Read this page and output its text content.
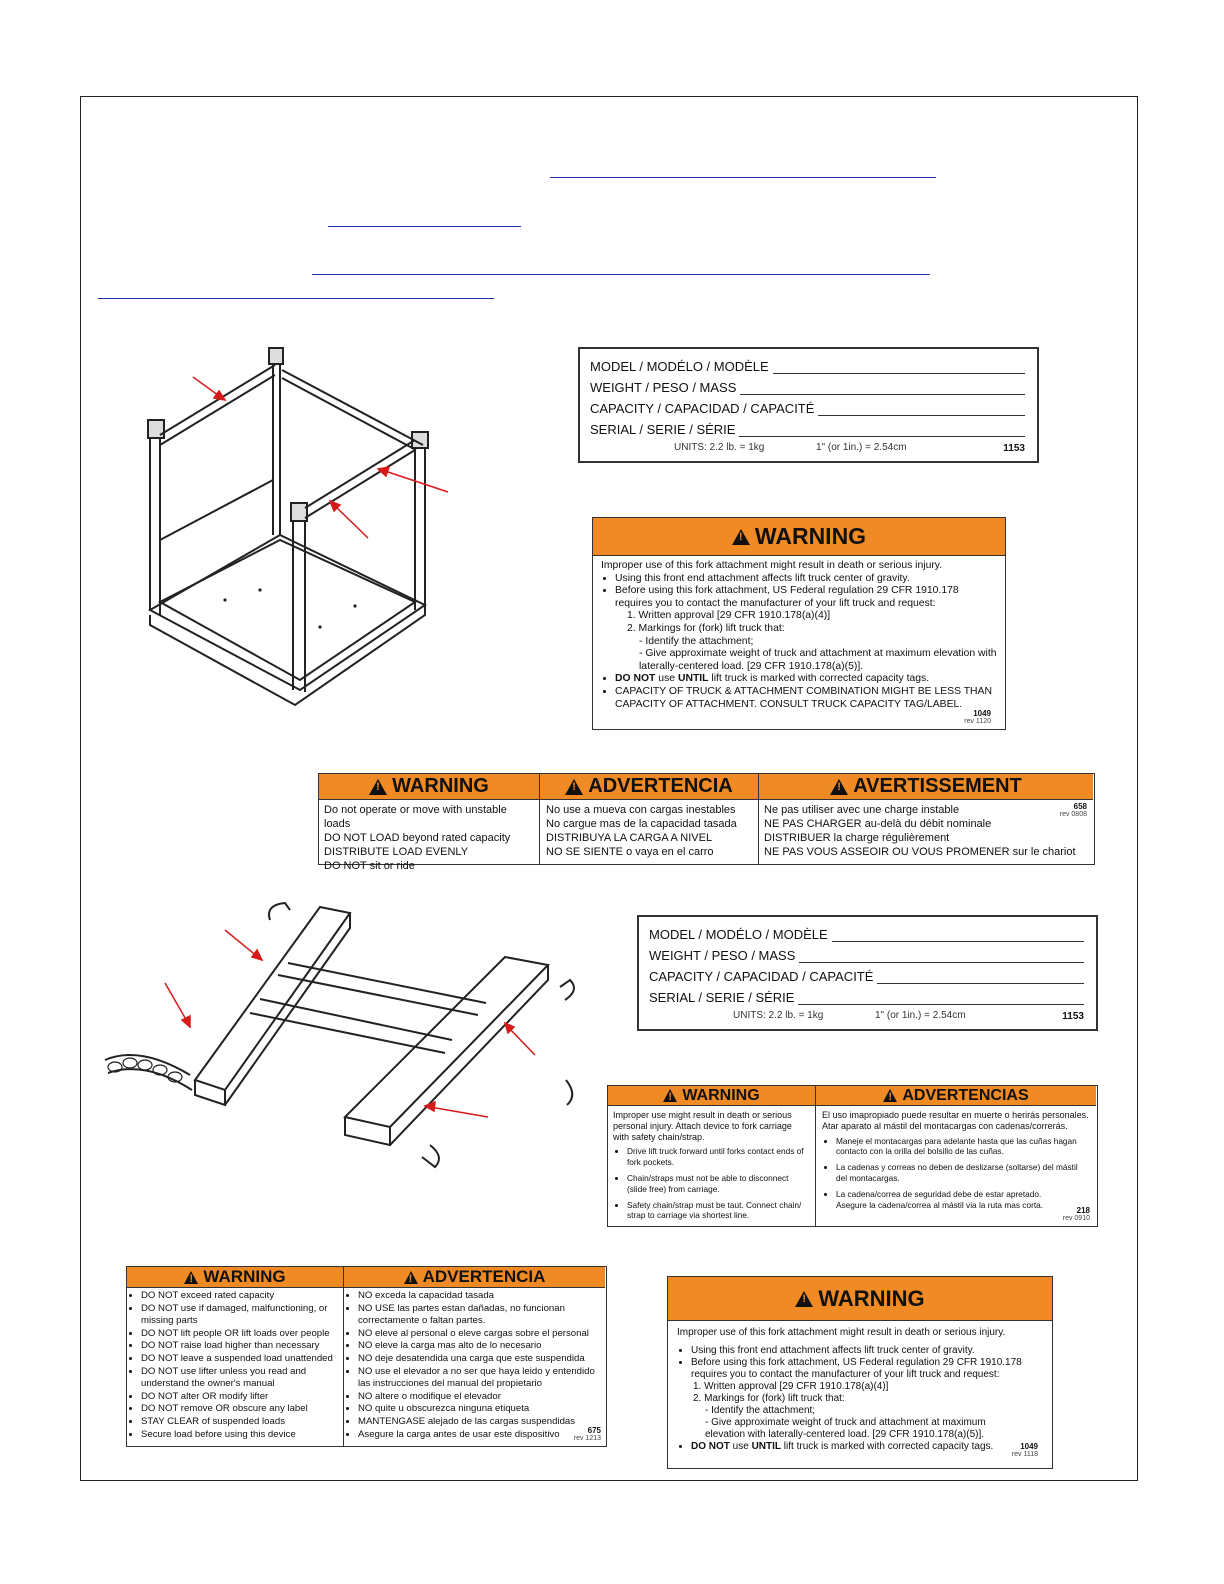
MODEL / MODÉLO / MODÈLE
WEIGHT / PESO / MASS
CAPACITY / CAPACIDAD / CAPACITÉ
SERIAL / SERIE / SÉRIE
UNITS: 2.2 lb. = 1kg	1" (or 1in.) = 2.54cm	1153
!
WARNING
Improper use of this fork attachment might result in death or serious injury.
• Using this front end attachment affects lift truck center of gravity.
• Before using this fork attachment, US Federal regulation 29 CFR 1910.178 requires you to contact the manufacturer of your lift truck and request:
1. Written approval [29 CFR 1910.178(a)(4)]
2. Markings for (fork) lift truck that:
- Identify the attachment;
- Give approximate weight of truck and attachment at maximum elevation with laterally-centered load. [29 CFR 1910.178(a)(5)].
• DO NOT use UNTIL lift truck is marked with corrected capacity tags.
• CAPACITY OF TRUCK & ATTACHMENT COMBINATION MIGHT BE LESS THAN CAPACITY OF ATTACHMENT. CONSULT TRUCK CAPACITY TAG/LABEL.
1049
rev 1120
!
WARNING
Do not operate or move with unstable loads
DO NOT LOAD beyond rated capacity
DISTRIBUTE LOAD EVENLY
DO NOT sit or ride
!
ADVERTENCIA
No use a mueva con cargas inestables
No cargue mas de la capacidad tasada
DISTRIBUYA LA CARGA A NIVEL
NO SE SIENTE o vaya en el carro
!
AVERTISSEMENT
Ne pas utiliser avec une charge instable
NE PAS CHARGER au-delà du débit nominale
DISTRIBUER la charge régulièrement
NE PAS VOUS ASSEOIR OU VOUS PROMENER sur le chariot
658
rev 0808
MODEL / MODÉLO / MODÈLE
WEIGHT / PESO / MASS
CAPACITY / CAPACIDAD / CAPACITÉ
SERIAL / SERIE / SÉRIE
UNITS: 2.2 lb. = 1kg	1" (or 1in.) = 2.54cm	1153
!
WARNING
Improper use might result in death or serious personal injury. Attach device to fork carriage with safety chain/strap.
• Drive lift truck forward until forks contact ends of fork pockets.
• Chain/straps must not be able to disconnect (slide free) from carriage.
• Safety chain/strap must be taut. Connect chain/ strap to carriage via shortest line.
!
ADVERTENCIAS
El uso imapropiado puede resultar en muerte o herirás personales. Atar aparato al mástil del montacargas con cadenas/correrás.
• Maneje el montacargas para adelante hasta que las cuñas hagan contacto con la orilla del bolsillo de las cuñas.
• La cadenas y correas no deben de deslizarse (soltarse) del mástil del montacargas.
• La cadena/correa de seguridad debe de estar apretado. Asegure la cadena/correa al mástil via la ruta mas corta.
218
rev 0910
!
WARNING
• DO NOT exceed rated capacity
• DO NOT use if damaged, malfunctioning, or missing parts
• DO NOT lift people OR lift loads over people
• DO NOT raise load higher than necessary
• DO NOT leave a suspended load unattended
• DO NOT use lifter unless you read and understand the owner's manual
• DO NOT alter OR modify lifter
• DO NOT remove OR obscure any label
• STAY CLEAR of suspended loads
• Secure load before using this device
!
ADVERTENCIA
• NO exceda la capacidad tasada
• NO USE las partes estan dañadas, no funcionan correctamente o faltan partes.
• NO eleve al personal o eleve cargas sobre el personal
• NO eleve la carga mas alto de lo necesario
• NO deje desatendida una carga que este suspendida
• NO use el elevador a no ser que haya leido y entendido las instrucciones del manual del propietario
• NO altere o modifique el elevador
• NO quite u obscurezca ninguna etiqueta
• MANTENGASE alejado de las cargas suspendidas
• Asegure la carga antes de usar este dispositivo	675
rev 1213
!
WARNING
Improper use of this fork attachment might result in death or serious injury.
• Using this front end attachment affects lift truck center of gravity.
• Before using this fork attachment, US Federal regulation 29 CFR 1910.178 requires you to contact the manufacturer of your lift truck and request:
1. Written approval [29 CFR 1910.178(a)(4)]
2. Markings for (fork) lift truck that:
- Identify the attachment;
- Give approximate weight of truck and attachment at maximum elevation with laterally-centered load. [29 CFR 1910.178(a)(5)].
• DO NOT use UNTIL lift truck is marked with corrected capacity tags.	1049
rev 1118
